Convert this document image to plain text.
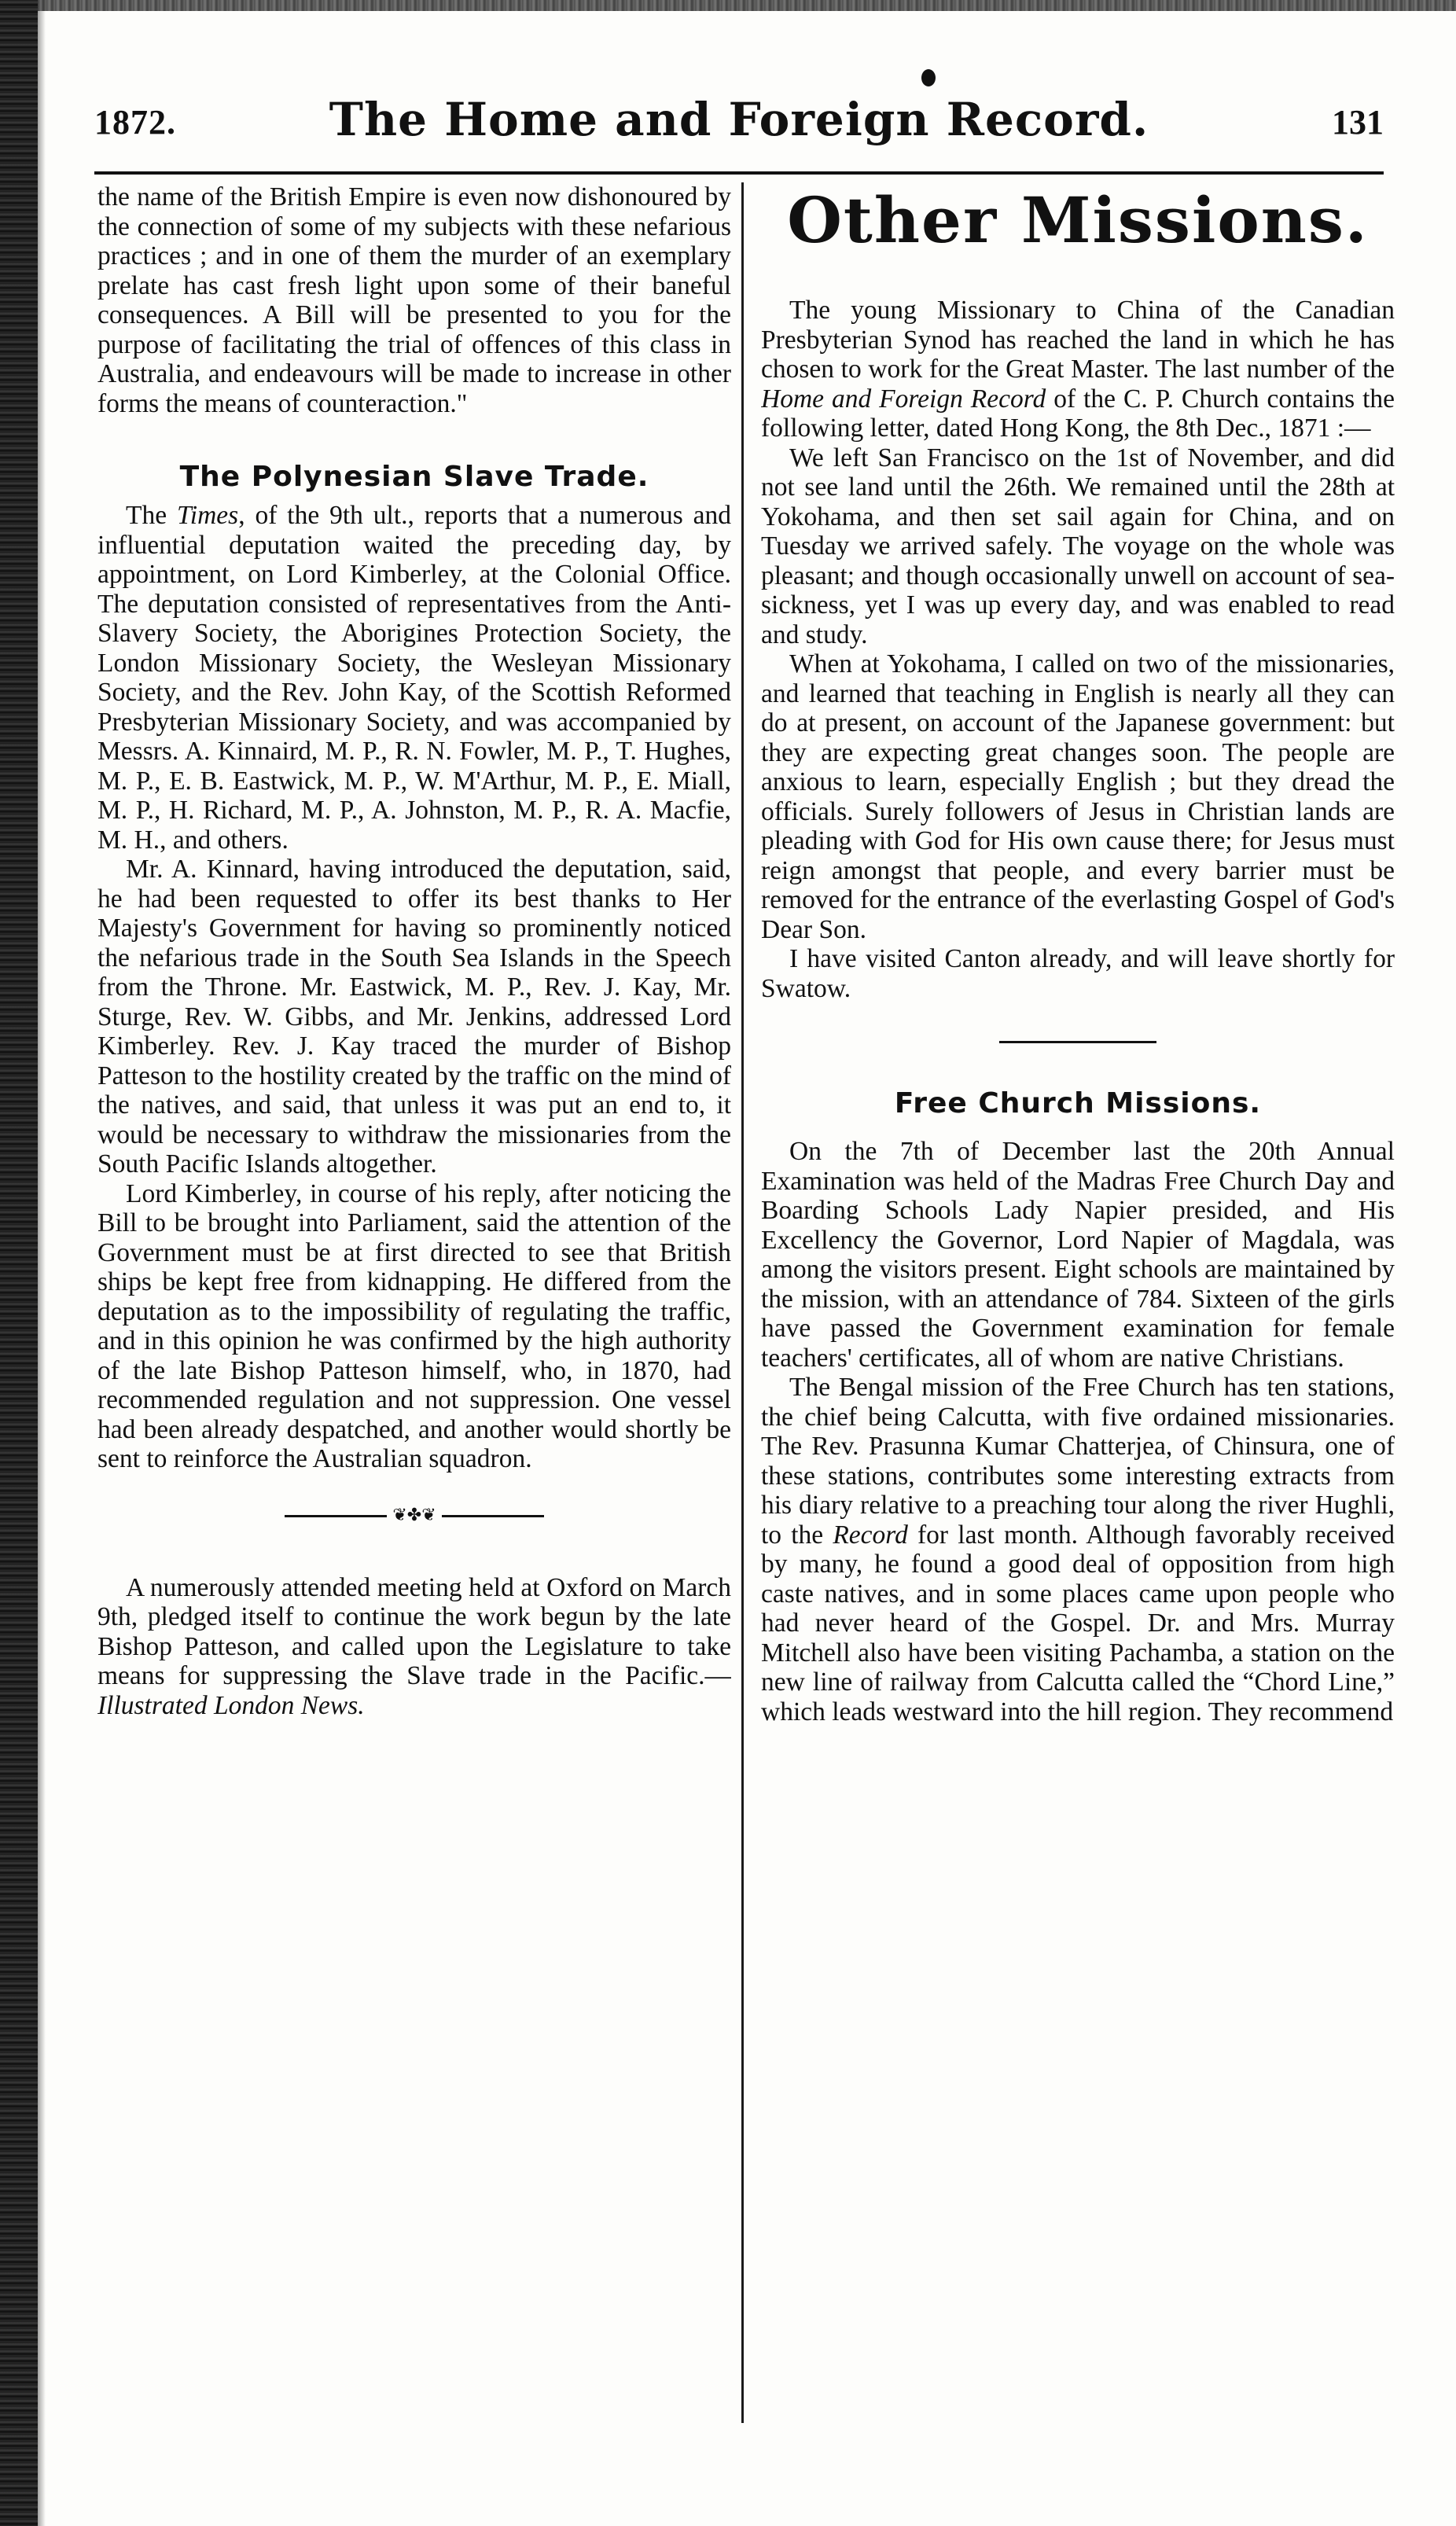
1872.	The Home and Foreign Record.	131

the name of the British Empire is even now dishonoured by the connection of some of my subjects with these nefarious practices ; and in one of them the murder of an exemplary prelate has cast fresh light upon some of their baneful consequences. A Bill will be presented to you for the purpose of facilitating the trial of offences of this class in Australia, and endeavours will be made to increase in other forms the means of counteraction."

The Polynesian Slave Trade.

The Times, of the 9th ult., reports that a numerous and influential deputation waited the preceding day, by appointment, on Lord Kimberley, at the Colonial Office. The deputation consisted of representatives from the Anti-Slavery Society, the Aborigines Protection Society, the London Missionary Society, the Wesleyan Missionary Society, and the Rev. John Kay, of the Scottish Reformed Presbyterian Missionary Society, and was accompanied by Messrs. A. Kinnaird, M. P., R. N. Fowler, M. P., T. Hughes, M. P., E. B. Eastwick, M. P., W. M'Arthur, M. P., E. Miall, M. P., H. Richard, M. P., A. Johnston, M. P., R. A. Macfie, M. H., and others.

Mr. A. Kinnard, having introduced the deputation, said, he had been requested to offer its best thanks to Her Majesty's Government for having so prominently noticed the nefarious trade in the South Sea Islands in the Speech from the Throne. Mr. Eastwick, M. P., Rev. J. Kay, Mr. Sturge, Rev. W. Gibbs, and Mr. Jenkins, addressed Lord Kimberley. Rev. J. Kay traced the murder of Bishop Patteson to the hostility created by the traffic on the mind of the natives, and said, that unless it was put an end to, it would be necessary to withdraw the missionaries from the South Pacific Islands altogether.

Lord Kimberley, in course of his reply, after noticing the Bill to be brought into Parliament, said the attention of the Government must be at first directed to see that British ships be kept free from kidnapping. He differed from the deputation as to the impossibility of regulating the traffic, and in this opinion he was confirmed by the high authority of the late Bishop Patteson himself, who, in 1870, had recommended regulation and not suppression. One vessel had been already despatched, and another would shortly be sent to reinforce the Australian squadron.

❦✤❦

A numerously attended meeting held at Oxford on March 9th, pledged itself to continue the work begun by the late Bishop Patteson, and called upon the Legislature to take means for suppressing the Slave trade in the Pacific.— Illustrated London News.

Other Missions.

The young Missionary to China of the Canadian Presbyterian Synod has reached the land in which he has chosen to work for the Great Master. The last number of the Home and Foreign Record of the C. P. Church contains the following letter, dated Hong Kong, the 8th Dec., 1871 :—

We left San Francisco on the 1st of November, and did not see land until the 26th. We remained until the 28th at Yokohama, and then set sail again for China, and on Tuesday we arrived safely. The voyage on the whole was pleasant; and though occasionally unwell on account of sea-sickness, yet I was up every day, and was enabled to read and study.

When at Yokohama, I called on two of the missionaries, and learned that teaching in English is nearly all they can do at present, on account of the Japanese government: but they are expecting great changes soon. The people are anxious to learn, especially English ; but they dread the officials. Surely followers of Jesus in Christian lands are pleading with God for His own cause there; for Jesus must reign amongst that people, and every barrier must be removed for the entrance of the everlasting Gospel of God's Dear Son.

I have visited Canton already, and will leave shortly for Swatow.

Free Church Missions.

On the 7th of December last the 20th Annual Examination was held of the Madras Free Church Day and Boarding Schools Lady Napier presided, and His Excellency the Governor, Lord Napier of Magdala, was among the visitors present. Eight schools are maintained by the mission, with an attendance of 784. Sixteen of the girls have passed the Government examination for female teachers' certificates, all of whom are native Christians.

The Bengal mission of the Free Church has ten stations, the chief being Calcutta, with five ordained missionaries. The Rev. Prasunna Kumar Chatterjea, of Chinsura, one of these stations, contributes some interesting extracts from his diary relative to a preaching tour along the river Hughli, to the Record for last month. Although favorably received by many, he found a good deal of opposition from high caste natives, and in some places came upon people who had never heard of the Gospel. Dr. and Mrs. Murray Mitchell also have been visiting Pachamba, a station on the new line of railway from Calcutta called the “Chord Line,” which leads westward into the hill region. They recommend
